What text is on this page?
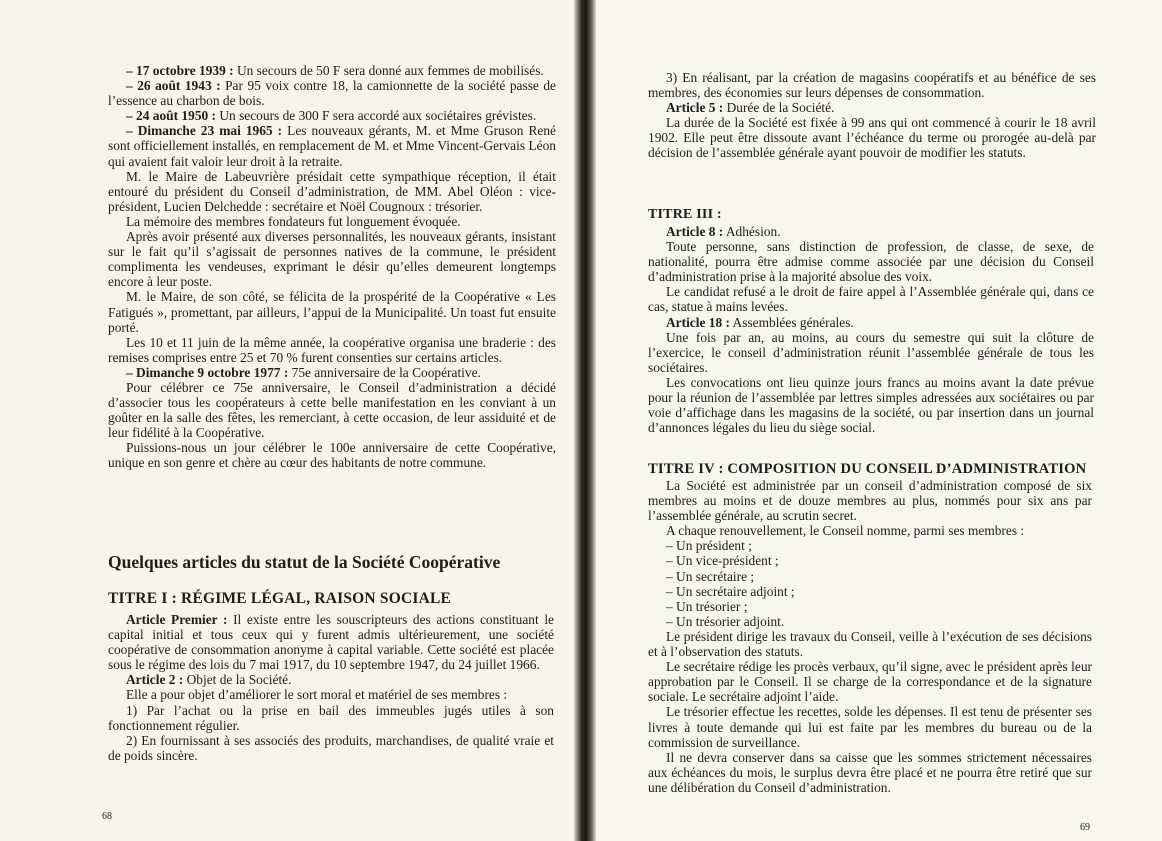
– 17 octobre 1939 : Un secours de 50 F sera donné aux femmes de mobilisés.

– 26 août 1943 : Par 95 voix contre 18, la camionnette de la société passe de l’essence au charbon de bois.

– 24 août 1950 : Un secours de 300 F sera accordé aux sociétaires grévistes.

– Dimanche 23 mai 1965 : Les nouveaux gérants, M. et Mme Gruson René sont officiellement installés, en remplacement de M. et Mme Vincent-Gervais Léon qui avaient fait valoir leur droit à la retraite.

M. le Maire de Labeuvrière présidait cette sympathique réception, il était entouré du président du Conseil d’administration, de MM. Abel Oléon : vice-président, Lucien Delchedde : secrétaire et Noël Cougnoux : trésorier.

La mémoire des membres fondateurs fut longuement évoquée.

Après avoir présenté aux diverses personnalités, les nouveaux gérants, insistant sur le fait qu’il s’agissait de personnes natives de la commune, le président complimenta les vendeuses, exprimant le désir qu’elles demeurent longtemps encore à leur poste.

M. le Maire, de son côté, se félicita de la prospérité de la Coopérative « Les Fatigués », promettant, par ailleurs, l’appui de la Municipalité. Un toast fut ensuite porté.

Les 10 et 11 juin de la même année, la coopérative organisa une braderie : des remises comprises entre 25 et 70 % furent consenties sur certains articles.

– Dimanche 9 octobre 1977 : 75e anniversaire de la Coopérative.

Pour célébrer ce 75e anniversaire, le Conseil d’administration a décidé d’associer tous les coopérateurs à cette belle manifestation en les conviant à un goûter en la salle des fêtes, les remerciant, à cette occasion, de leur assiduité et de leur fidélité à la Coopérative.

Puissions-nous un jour célébrer le 100e anniversaire de cette Coopérative, unique en son genre et chère au cœur des habitants de notre commune.

Quelques articles du statut de la Société Coopérative
TITRE I : RÉGIME LÉGAL, RAISON SOCIALE

Article Premier : Il existe entre les souscripteurs des actions constituant le capital initial et tous ceux qui y furent admis ultérieurement, une société coopérative de consommation anonyme à capital variable. Cette société est placée sous le régime des lois du 7 mai 1917, du 10 septembre 1947, du 24 juillet 1966.

Article 2 : Objet de la Société.

Elle a pour objet d’améliorer le sort moral et matériel de ses membres :

1) Par l’achat ou la prise en bail des immeubles jugés utiles à son fonctionnement régulier.

2) En fournissant à ses associés des produits, marchandises, de qualité vraie et de poids sincère.

68

3) En réalisant, par la création de magasins coopératifs et au bénéfice de ses membres, des économies sur leurs dépenses de consommation.

Article 5 : Durée de la Société.

La durée de la Société est fixée à 99 ans qui ont commencé à courir le 18 avril 1902. Elle peut être dissoute avant l’échéance du terme ou prorogée au-delà par décision de l’assemblée générale ayant pouvoir de modifier les statuts.

TITRE III :

Article 8 : Adhésion.

Toute personne, sans distinction de profession, de classe, de sexe, de nationalité, pourra être admise comme associée par une décision du Conseil d’administration prise à la majorité absolue des voix.

Le candidat refusé a le droit de faire appel à l’Assemblée générale qui, dans ce cas, statue à mains levées.

Article 18 : Assemblées générales.

Une fois par an, au moins, au cours du semestre qui suit la clôture de l’exercice, le conseil d’administration réunit l’assemblée générale de tous les sociétaires.

Les convocations ont lieu quinze jours francs au moins avant la date prévue pour la réunion de l’assemblée par lettres simples adressées aux sociétaires ou par voie d’affichage dans les magasins de la société, ou par insertion dans un journal d’annonces légales du lieu du siège social.

TITRE IV : COMPOSITION DU CONSEIL D’ADMINISTRATION

La Société est administrée par un conseil d’administration composé de six membres au moins et de douze membres au plus, nommés pour six ans par l’assemblée générale, au scrutin secret.

A chaque renouvellement, le Conseil nomme, parmi ses membres :

– Un président ;
– Un vice-président ;
– Un secrétaire ;
– Un secrétaire adjoint ;
– Un trésorier ;
– Un trésorier adjoint.

Le président dirige les travaux du Conseil, veille à l’exécution de ses décisions et à l’observation des statuts.

Le secrétaire rédige les procès verbaux, qu’il signe, avec le président après leur approbation par le Conseil. Il se charge de la correspondance et de la signature sociale. Le secrétaire adjoint l’aide.

Le trésorier effectue les recettes, solde les dépenses. Il est tenu de présenter ses livres à toute demande qui lui est faite par les membres du bureau ou de la commission de surveillance.

Il ne devra conserver dans sa caisse que les sommes strictement nécessaires aux échéances du mois, le surplus devra être placé et ne pourra être retiré que sur une délibération du Conseil d’administration.

69
